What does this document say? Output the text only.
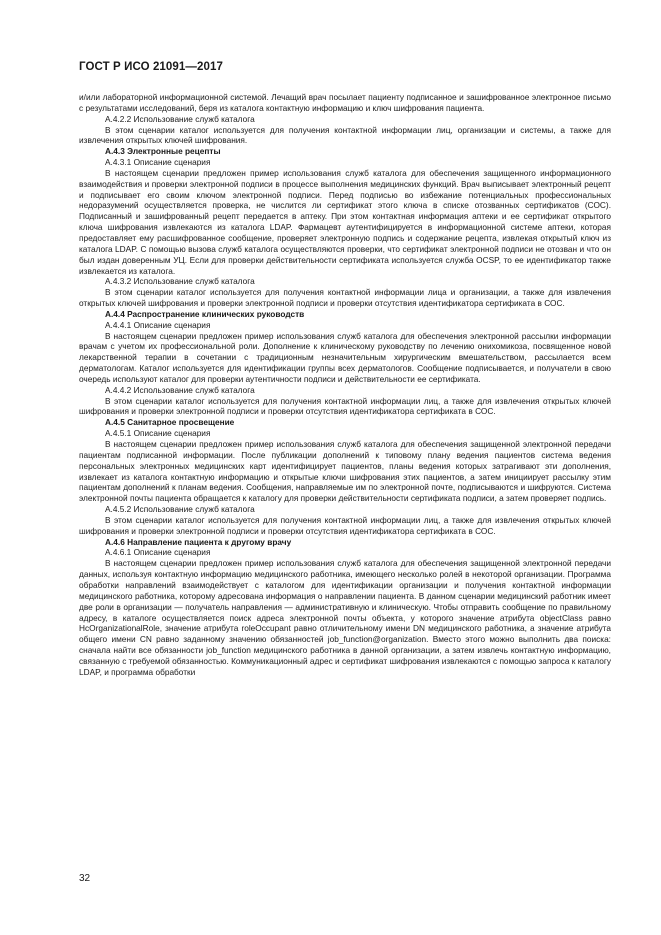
ГОСТ Р ИСО 21091—2017

и/или лабораторной информационной системой. Лечащий врач посылает пациенту подписанное и зашифрованное электронное письмо с результатами исследований, беря из каталога контактную информацию и ключ шифрования пациента.

А.4.2.2 Использование служб каталога

В этом сценарии каталог используется для получения контактной информации лиц, организации и системы, а также для извлечения открытых ключей шифрования.

А.4.3 Электронные рецепты

А.4.3.1 Описание сценария

В настоящем сценарии предложен пример использования служб каталога для обеспечения защищенного информационного взаимодействия и проверки электронной подписи в процессе выполнения медицинских функций. Врач выписывает электронный рецепт и подписывает его своим ключом электронной подписи. Перед подписью во избежание потенциальных профессиональных недоразумений осуществляется проверка, не числится ли сертификат этого ключа в списке отозванных сертификатов (СОС). Подписанный и зашифрованный рецепт передается в аптеку. При этом контактная информация аптеки и ее сертификат открытого ключа шифрования извлекаются из каталога LDAP. Фармацевт аутентифицируется в информационной системе аптеки, которая предоставляет ему расшифрованное сообщение, проверяет электронную подпись и содержание рецепта, извлекая открытый ключ из каталога LDAP. С помощью вызова служб каталога осуществляются проверки, что сертификат электронной подписи не отозван и что он был издан доверенным УЦ. Если для проверки действительности сертификата используется служба OCSP, то ее идентификатор также извлекается из каталога.

А.4.3.2 Использование служб каталога

В этом сценарии каталог используется для получения контактной информации лица и организации, а также для извлечения открытых ключей шифрования и проверки электронной подписи и проверки отсутствия идентификатора сертификата в СОС.

А.4.4 Распространение клинических руководств

А.4.4.1 Описание сценария

В настоящем сценарии предложен пример использования служб каталога для обеспечения электронной рассылки информации врачам с учетом их профессиональной роли. Дополнение к клиническому руководству по лечению онихомикоза, посвященное новой лекарственной терапии в сочетании с традиционным незначительным хирургическим вмешательством, рассылается всем дерматологам. Каталог используется для идентификации группы всех дерматологов. Сообщение подписывается, и получатели в свою очередь используют каталог для проверки аутентичности подписи и действительности ее сертификата.

А.4.4.2 Использование служб каталога

В этом сценарии каталог используется для получения контактной информации лиц, а также для извлечения открытых ключей шифрования и проверки электронной подписи и проверки отсутствия идентификатора сертификата в СОС.

А.4.5 Санитарное просвещение

А.4.5.1 Описание сценария

В настоящем сценарии предложен пример использования служб каталога для обеспечения защищенной электронной передачи пациентам подписанной информации. После публикации дополнений к типовому плану ведения пациентов система ведения персональных электронных медицинских карт идентифицирует пациентов, планы ведения которых затрагивают эти дополнения, извлекает из каталога контактную информацию и открытые ключи шифрования этих пациентов, а затем инициирует рассылку этим пациентам дополнений к планам ведения. Сообщения, направляемые им по электронной почте, подписываются и шифруются. Система электронной почты пациента обращается к каталогу для проверки действительности сертификата подписи, а затем проверяет подпись.

А.4.5.2 Использование служб каталога

В этом сценарии каталог используется для получения контактной информации лиц, а также для извлечения открытых ключей шифрования и проверки электронной подписи и проверки отсутствия идентификатора сертификата в СОС.

А.4.6 Направление пациента к другому врачу

А.4.6.1 Описание сценария

В настоящем сценарии предложен пример использования служб каталога для обеспечения защищенной электронной передачи данных, используя контактную информацию медицинского работника, имеющего несколько ролей в некоторой организации. Программа обработки направлений взаимодействует с каталогом для идентификации организации и получения контактной информации медицинского работника, которому адресована информация о направлении пациента. В данном сценарии медицинский работник имеет две роли в организации — получатель направления — административную и клиническую. Чтобы отправить сообщение по правильному адресу, в каталоге осуществляется поиск адреса электронной почты объекта, у которого значение атрибута objectClass равно HcOrganizationalRole, значение атрибута roleOccupant равно отличительному имени DN медицинского работника, а значение атрибута общего имени CN равно заданному значению обязанностей job_function@organization. Вместо этого можно выполнить два поиска: сначала найти все обязанности job_function медицинского работника в данной организации, а затем извлечь контактную информацию, связанную с требуемой обязанностью. Коммуникационный адрес и сертификат шифрования извлекаются с помощью запроса к каталогу LDAP, и программа обработки

32
